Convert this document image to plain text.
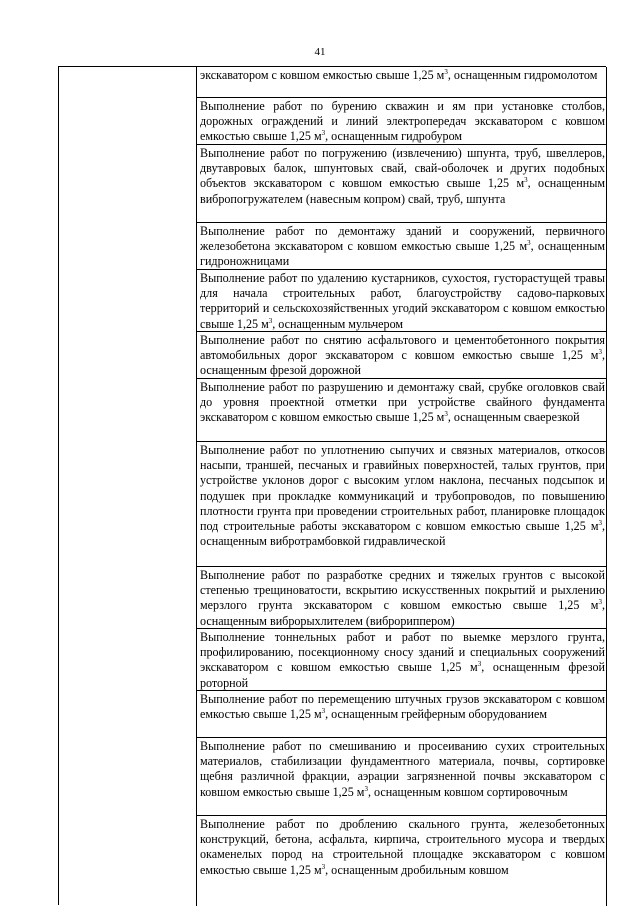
41
экскаватором с ковшом емкостью свыше 1,25 $м^3$, оснащенным гидромолотом
Выполнение работ по бурению скважин и ям при установке столбов, дорожных ограждений и линий электропередач экскаватором с ковшом емкостью свыше 1,25 $м^3$, оснащенным гидробуром
Выполнение работ по погружению (извлечению) шпунта, труб, швеллеров, двутавровых балок, шпунтовых свай, свай-оболочек и других подобных объектов экскаватором с ковшом емкостью свыше 1,25 $м^3$, оснащенным вибропогружателем (навесным копром) свай, труб, шпунта
Выполнение работ по демонтажу зданий и сооружений, первичного железобетона экскаватором с ковшом емкостью свыше 1,25 $м^3$, оснащенным гидроножницами
Выполнение работ по удалению кустарников, сухостоя, густорастущей травы для начала строительных работ, благоустройству садово-парковых территорий и сельскохозяйственных угодий экскаватором с ковшом емкостью свыше 1,25 $м^3$, оснащенным мульчером
Выполнение работ по снятию асфальтового и цементобетонного покрытия автомобильных дорог экскаватором с ковшом емкостью свыше 1,25 $м^3$, оснащенным фрезой дорожной
Выполнение работ по разрушению и демонтажу свай, срубке оголовков свай до уровня проектной отметки при устройстве свайного фундамента экскаватором с ковшом емкостью свыше 1,25 $м^3$, оснащенным сваерезкой
Выполнение работ по уплотнению сыпучих и связных материалов, откосов насыпи, траншей, песчаных и гравийных поверхностей, талых грунтов, при устройстве уклонов дорог с высоким углом наклона, песчаных подсыпок и подушек при прокладке коммуникаций и трубопроводов, по повышению плотности грунта при проведении строительных работ, планировке площадок под строительные работы экскаватором с ковшом емкостью свыше 1,25 $м^3$, оснащенным вибротрамбовкой гидравлической
Выполнение работ по разработке средних и тяжелых грунтов с высокой степенью трещиноватости, вскрытию искусственных покрытий и рыхлению мерзлого грунта экскаватором с ковшом емкостью свыше 1,25 $м^3$, оснащенным виброрыхлителем (виброриппером)
Выполнение тоннельных работ и работ по выемке мерзлого грунта, профилированию, посекционному сносу зданий и специальных сооружений экскаватором с ковшом емкостью свыше 1,25 $м^3$, оснащенным фрезой роторной
Выполнение работ по перемещению штучных грузов экскаватором с ковшом емкостью свыше 1,25 $м^3$, оснащенным грейферным оборудованием
Выполнение работ по смешиванию и просеиванию сухих строительных материалов, стабилизации фундаментного материала, почвы, сортировке щебня различной фракции, аэрации загрязненной почвы экскаватором с ковшом емкостью свыше 1,25 $м^3$, оснащенным ковшом сортировочным
Выполнение работ по дроблению скального грунта, железобетонных конструкций, бетона, асфальта, кирпича, строительного мусора и твердых окаменелых пород на строительной площадке экскаватором с ковшом емкостью свыше 1,25 $м^3$, оснащенным дробильным ковшом
